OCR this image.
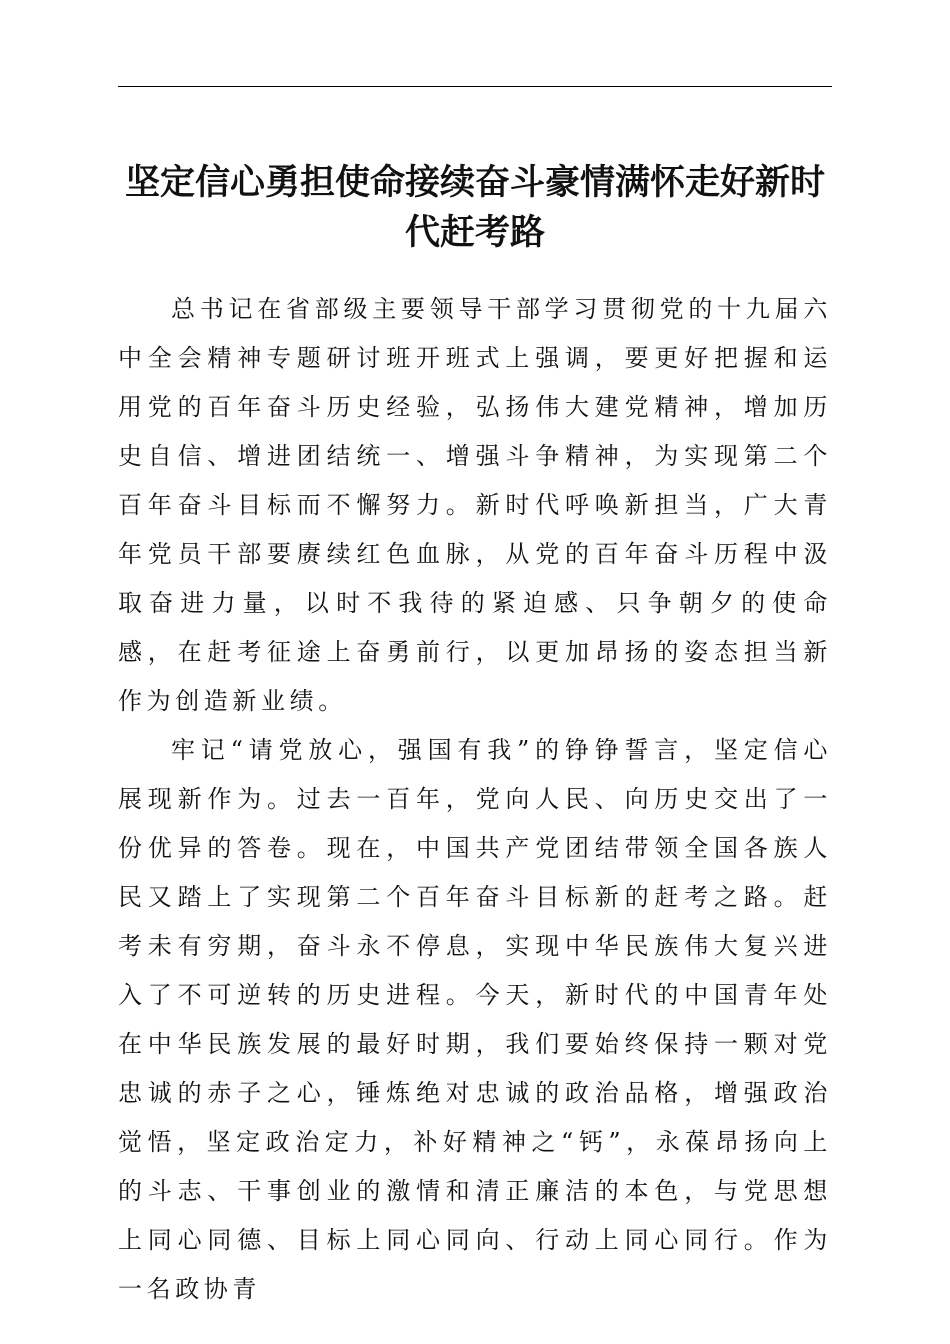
坚定信心勇担使命接续奋斗豪情满怀走好新时代赶考路

总书记在省部级主要领导干部学习贯彻党的十九届六中全会精神专题研讨班开班式上强调，要更好把握和运用党的百年奋斗历史经验，弘扬伟大建党精神，增加历史自信、增进团结统一、增强斗争精神，为实现第二个百年奋斗目标而不懈努力。新时代呼唤新担当，广大青年党员干部要赓续红色血脉，从党的百年奋斗历程中汲取奋进力量，以时不我待的紧迫感、只争朝夕的使命感，在赶考征途上奋勇前行，以更加昂扬的姿态担当新作为创造新业绩。

牢记“请党放心，强国有我”的铮铮誓言，坚定信心展现新作为。过去一百年，党向人民、向历史交出了一份优异的答卷。现在，中国共产党团结带领全国各族人民又踏上了实现第二个百年奋斗目标新的赶考之路。赶考未有穷期，奋斗永不停息，实现中华民族伟大复兴进入了不可逆转的历史进程。今天，新时代的中国青年处在中华民族发展的最好时期，我们要始终保持一颗对党忠诚的赤子之心，锤炼绝对忠诚的政治品格，增强政治觉悟，坚定政治定力，补好精神之“钙”，永葆昂扬向上的斗志、干事创业的激情和清正廉洁的本色，与党思想上同心同德、目标上同心同向、行动上同心同行。作为一名政协青
